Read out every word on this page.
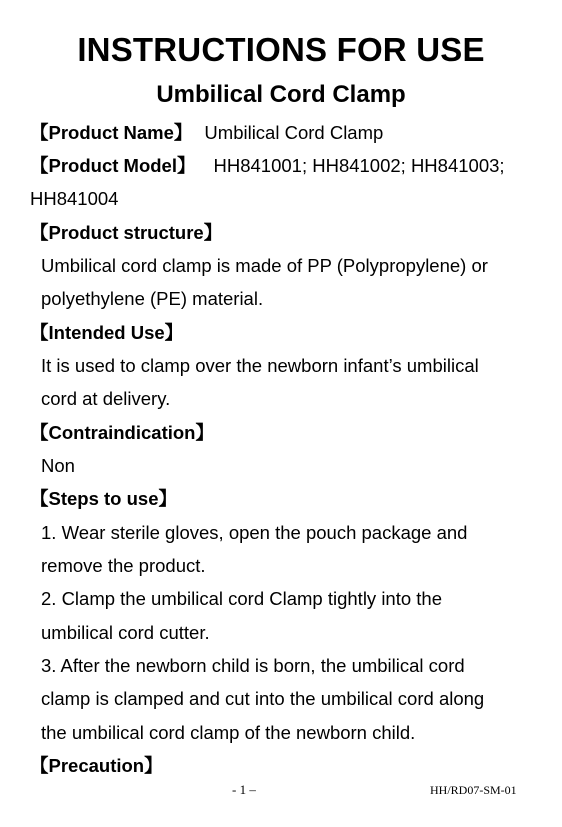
INSTRUCTIONS FOR USE
Umbilical Cord Clamp
【Product Name】 Umbilical Cord Clamp
【Product Model】 HH841001; HH841002; HH841003;
HH841004
【Product structure】
Umbilical cord clamp is made of PP (Polypropylene) or
polyethylene (PE) material.
【Intended Use】
It is used to clamp over the newborn infant’s umbilical
cord at delivery.
【Contraindication】
Non
【Steps to use】
1. Wear sterile gloves, open the pouch package and
remove the product.
2. Clamp the umbilical cord Clamp tightly into the
umbilical cord cutter.
3. After the newborn child is born, the umbilical cord
clamp is clamped and cut into the umbilical cord along
the umbilical cord clamp of the newborn child.
【Precaution】
- 1 –	HH/RD07-SM-01
